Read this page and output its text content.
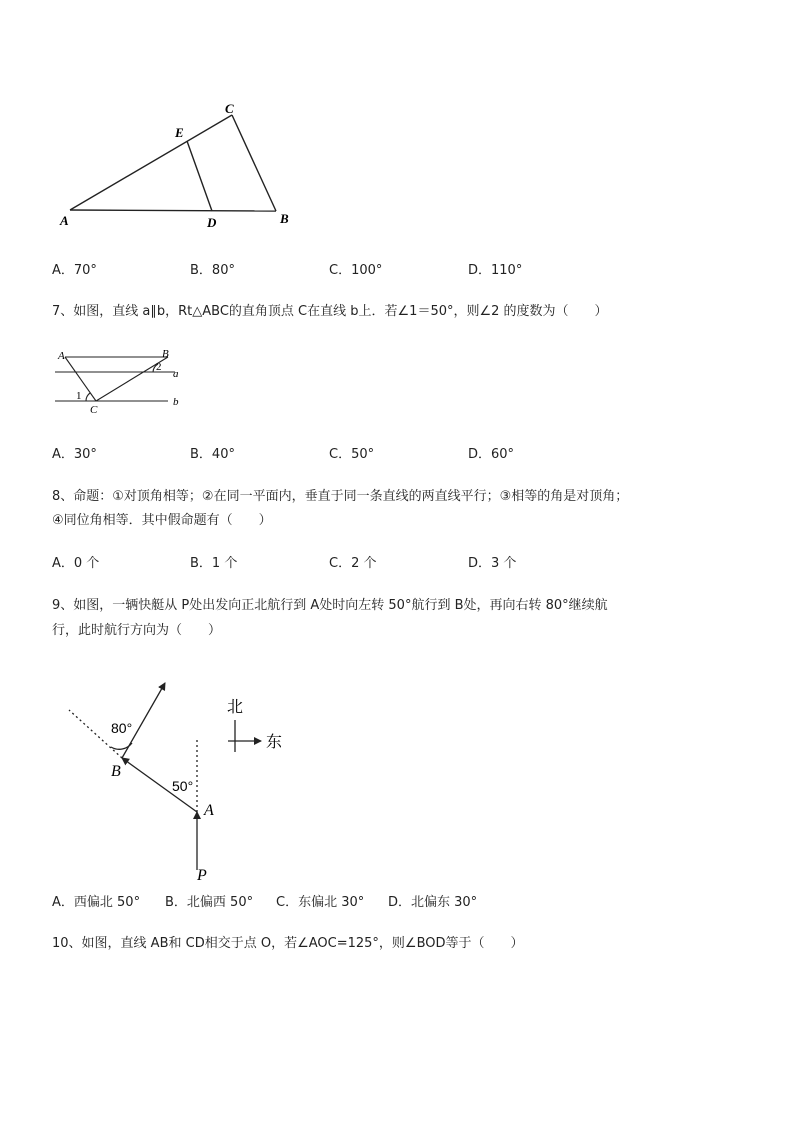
C
E
A	D	B
A．70°	B．80°	C．100°	D．110°
7、如图，直线 a∥b，Rt△ABC的直角顶点 C在直线 b上．若∠1＝50°，则∠2 的度数为（　　）
A	B
C
a
b
1
2
A．30°	B．40°	C．50°	D．60°
8、命题：①对顶角相等；②在同一平面内，垂直于同一条直线的两直线平行；③相等的角是对顶角；
④同位角相等．其中假命题有（　　）
A．0 个	B．1 个	C．2 个	D．3 个
9、如图，一辆快艇从 P处出发向正北航行到 A处时向左转 50°航行到 B处，再向右转 80°继续航
行，此时航行方向为（　　）
80°
50°
B
A
P
北
东
A．西偏北 50° B．北偏西 50° C．东偏北 30° D．北偏东 30°
10、如图，直线 AB和 CD相交于点 O，若∠AOC=125°，则∠BOD等于（　　）
